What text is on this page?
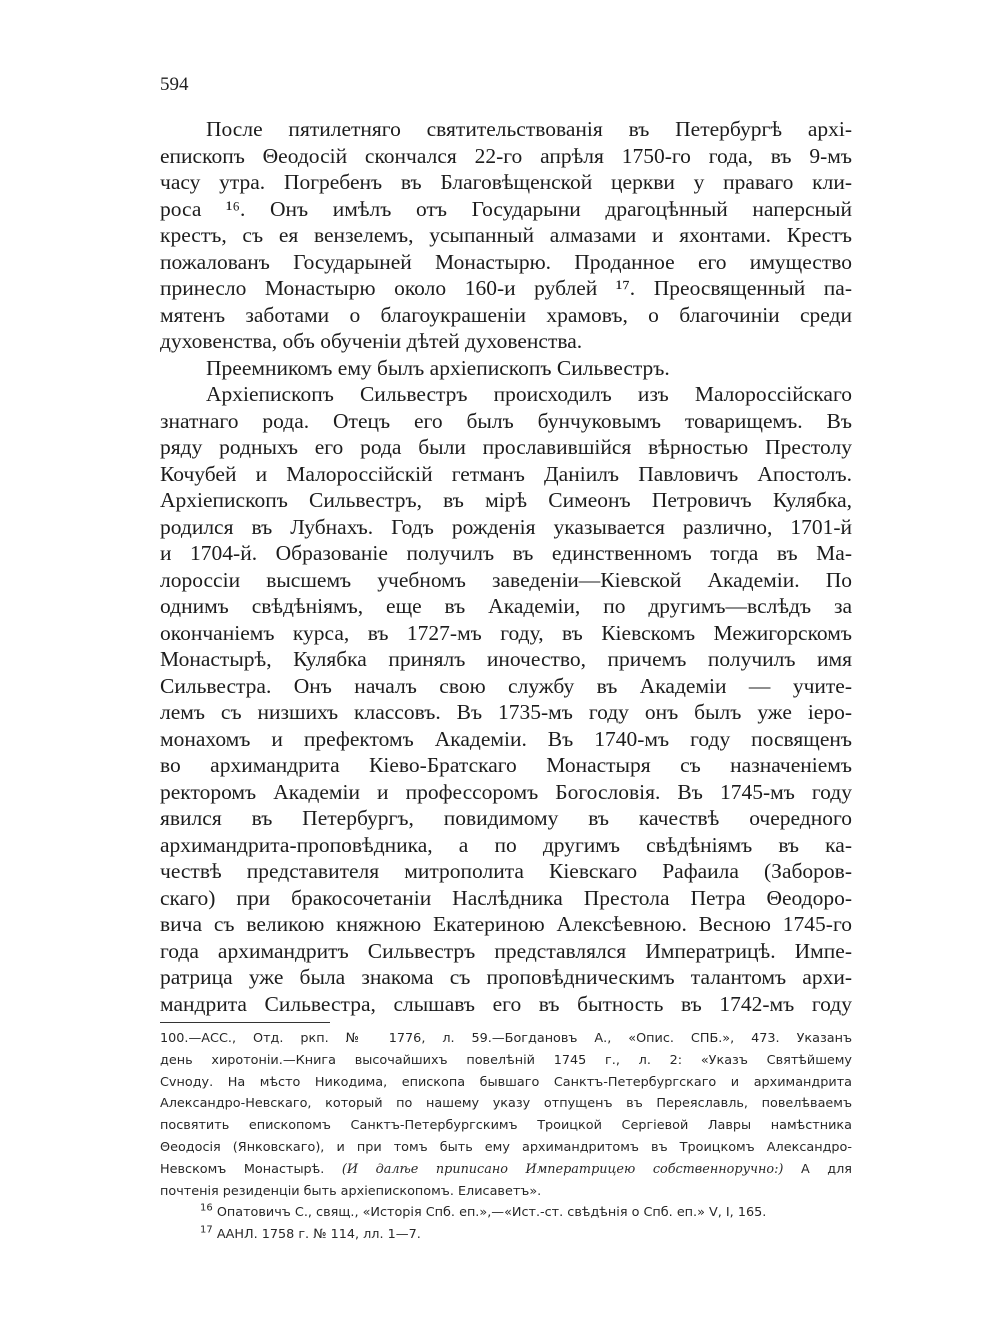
594
После пятилетняго святительствованія въ Петербургѣ архі-
епископъ Θеодосій скончался 22-го апрѣля 1750-го года, въ 9-мъ
часу утра. Погребенъ въ Благовѣщенской церкви у праваго кли-
роса ¹⁶. Онъ имѣлъ отъ Государыни драгоцѣнный наперсный
крестъ, съ ея вензелемъ, усыпанный алмазами и яхонтами. Крестъ
пожалованъ Государыней Монастырю. Проданное его имущество
принесло Монастырю около 160-и рублей ¹⁷. Преосвященный па-
мятенъ заботами о благоукрашеніи храмовъ, о благочиніи среди
духовенства, объ обученіи дѣтей духовенства.
Преемникомъ ему былъ архіепископъ Сильвестръ.
Архіепископъ Сильвестръ происходилъ изъ Малороссійскаго
знатнаго рода. Отецъ его былъ бунчуковымъ товарищемъ. Въ
ряду родныхъ его рода были прославившійся вѣрностью Престолу
Кочубей и Малороссійскій гетманъ Даніилъ Павловичъ Апостолъ.
Архіепископъ Сильвестръ, въ мірѣ Симеонъ Петровичъ Кулябка,
родился въ Лубнахъ. Годъ рожденія указывается различно, 1701-й
и 1704-й. Образованіе получилъ въ единственномъ тогда въ Ма-
лороссіи высшемъ учебномъ заведеніи—Кіевской Академіи. По
однимъ свѣдѣніямъ, еще въ Академіи, по другимъ—вслѣдъ за
окончаніемъ курса, въ 1727-мъ году, въ Кіевскомъ Межигорскомъ
Монастырѣ, Кулябка принялъ иночество, причемъ получилъ имя
Сильвестра. Онъ началъ свою службу въ Академіи — учите-
лемъ съ низшихъ классовъ. Въ 1735-мъ году онъ былъ уже іеро-
монахомъ и префектомъ Академіи. Въ 1740-мъ году посвященъ
во архимандрита Кіево-Братскаго Монастыря съ назначеніемъ
ректоромъ Академіи и профессоромъ Богословія. Въ 1745-мъ году
явился въ Петербургъ, повидимому въ качествѣ очередного
архимандрита-проповѣдника, а по другимъ свѣдѣніямъ въ ка-
чествѣ представителя митрополита Кіевскаго Рафаила (Заборов-
скаго) при бракосочетаніи Наслѣдника Престола Петра Θеодоро-
вича съ великою княжною Екатериною Алексѣевною. Весною 1745-го
года архимандритъ Сильвестръ представлялся Императрицѣ. Импе-
ратрица уже была знакома съ проповѣдническимъ талантомъ архи-
мандрита Сильвестра, слышавъ его въ бытность въ 1742-мъ году
100.—АСС., Отд. ркп. № 1776, л. 59.—Богдановъ А., «Опис. СПБ.», 473. Указанъ
день хиротоніи.—Книга высочайшихъ повелѣній 1745 г., л. 2: «Указъ Святѣйшему
Сvноду. На мѣсто Никодима, епископа бывшаго Санктъ-Петербургскаго и архимандрита
Александро-Невскаго, который по нашему указу отпущенъ въ Переяславль, повелѣваемъ
посвятить епископомъ Санктъ-Петербургскимъ Троицкой Сергіевой Лавры намѣстника
Θеодосія (Янковскаго), и при томъ быть ему архимандритомъ въ Троицкомъ Александро-
Невскомъ Монастырѣ. (И далѣе приписано Императрицею собственноручно:) А для
почтенія резиденціи быть архіепископомъ. Елисаветъ».
$^{16}$ Опатовичъ С., свящ., «Исторія Спб. еп.»,—«Ист.-ст. свѣдѣнія о Спб. еп.» V, I, 165.
$^{17}$ ААНЛ. 1758 г. № 114, лл. 1—7.
